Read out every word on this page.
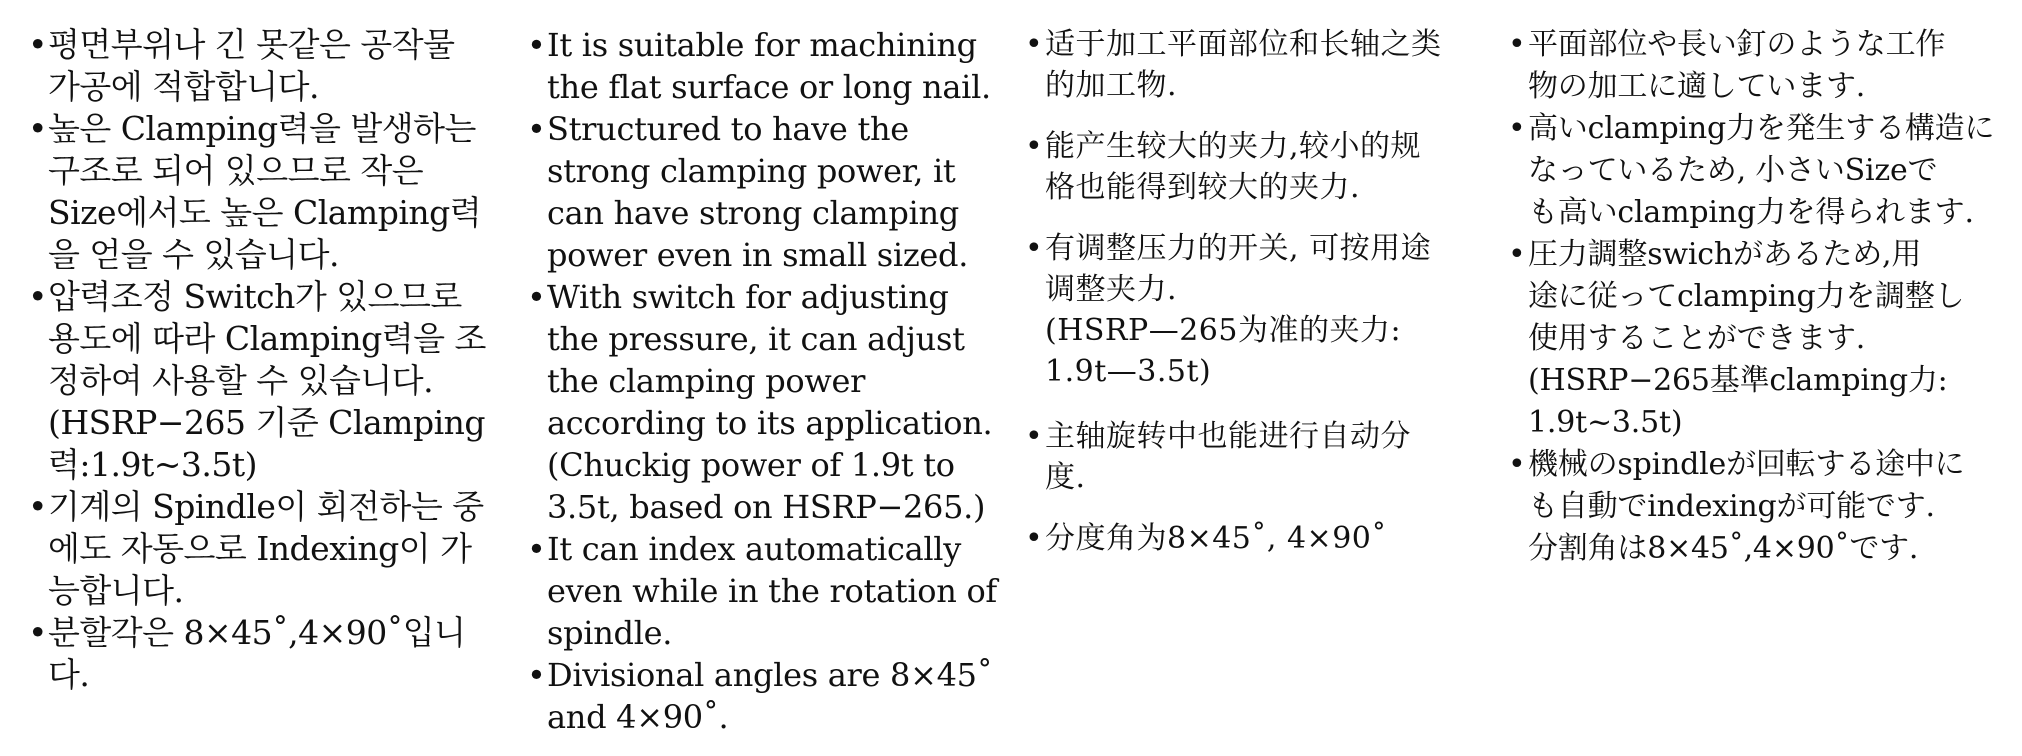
• 평면부위나 긴 못같은 공작물
가공에 적합합니다.
• 높은 Clamping력을 발생하는
구조로 되어 있으므로 작은
Size에서도 높은 Clamping력
을 얻을 수 있습니다.
• 압력조정 Switch가 있으므로
용도에 따라 Clamping력을 조
정하여 사용할 수 있습니다.
(HSRP−265 기준 Clamping
력:1.9t~3.5t)
• 기계의 Spindle이 회전하는 중
에도 자동으로 Indexing이 가
능합니다.
• 분할각은 8×45˚,4×90˚입니
다.
• It is suitable for machining
the flat surface or long nail.
• Structured to have the
strong clamping power, it
can have strong clamping
power even in small sized.
• With switch for adjusting
the pressure, it can adjust
the clamping power
according to its application.
(Chuckig power of 1.9t to
3.5t, based on HSRP−265.)
• It can index automatically
even while in the rotation of
spindle.
• Divisional angles are 8×45˚
and 4×90˚.
• 适于加工平面部位和长轴之类
的加工物.
• 能产生较大的夹力,较小的规
格也能得到较大的夹力.
• 有调整压力的开关, 可按用途
调整夹力.
(HSRP—265为准的夹力:
1.9t—3.5t)
• 主轴旋转中也能进行自动分
度.
• 分度角为8×45˚, 4×90˚
• 平面部位や長い釘のような工作
物の加工に適しています.
• 高いclamping力を発生する構造に
なっているため, 小さいSizeで
も高いclamping力を得られます.
• 圧力調整swichがあるため,用
途に従ってclamping力を調整し
使用することができます.
(HSRP−265基準clamping力:
1.9t~3.5t)
• 機械のspindleが回転する途中に
も自動でindexingが可能です.
分割角は8×45˚,4×90˚です.
